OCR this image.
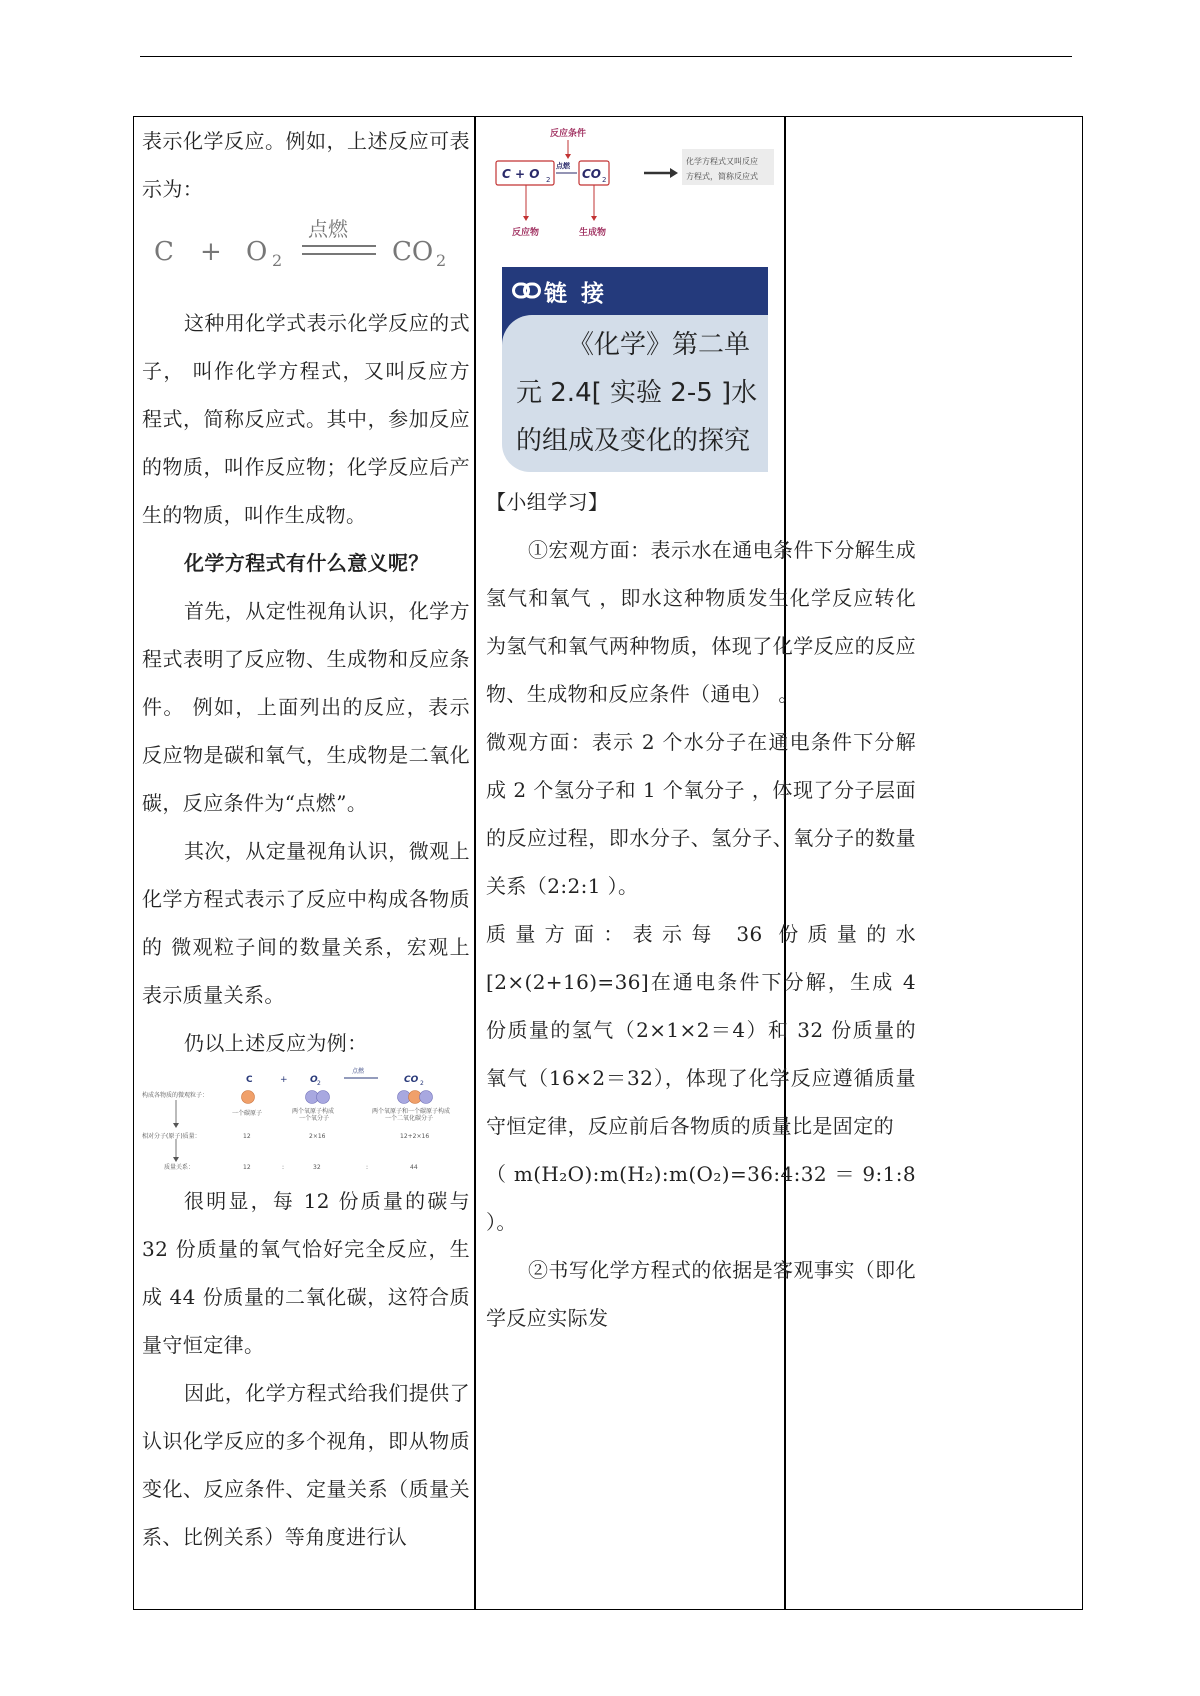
表示化学反应。例如，上述反应可表示为：

C + O 2
点燃
CO 2

这种用化学式表示化学反应的式子， 叫作化学方程式，又叫反应方程式，简称反应式。其中，参加反应的物质，叫作反应物；化学反应后产生的物质，叫作生成物。

化学方程式有什么意义呢？

首先，从定性视角认识，化学方程式表明了反应物、生成物和反应条件。 例如，上面列出的反应，表示反应物是碳和氧气，生成物是二氧化碳，反应条件为“点燃”。

其次，从定量视角认识，微观上化学方程式表示了反应中构成各物质的 微观粒子间的数量关系，宏观上表示质量关系。

仍以上述反应为例：

C	+ O 2
点燃
CO 2
构成各物质的微观粒子：
一个碳原子	两个氧原子构成
一个氧分子
两个氧原子和一个碳原子构成
一个二氧化碳分子
相对分子(原子)质量：	12	2×16	12+2×16
质量关系：	12	:	32	:	44

很明显，每 12 份质量的碳与 32 份质量的氧气恰好完全反应，生成 44 份质量的二氧化碳，这符合质量守恒定律。

因此，化学方程式给我们提供了认识化学反应的多个视角，即从物质变化、反应条件、定量关系（质量关系、比例关系）等角度进行认

反应条件
C + O 2
点燃
CO 2
反应物	生成物
化学方程式又叫反应
方程式，简称反应式
链 接
《化学》第二单元 2.4[ 实验 2-5 ]水的组成及变化的探究

【小组学习】

①宏观方面：表示水在通电条件下分解生成氢气和氧气 ，即水这种物质发生化学反应转化为氢气和氧气两种物质，体现了化学反应的反应物、生成物和反应条件（通电） 。

微观方面：表示 2 个水分子在通电条件下分解成 2 个氢分子和 1 个氧分子 ，体现了分子层面的反应过程，即水分子、氢分子、氧分子的数量关系（2:2:1 ）。

质量方面：表示每 36 份质量的水[2×(2+16)=36]在通电条件下分解，生成 4 份质量的氢气（2×1×2＝4）和 32 份质量的氧气（16×2＝32），体现了化学反应遵循质量守恒定律，反应前后各物质的质量比是固定的

（m(H₂O):m(H₂):m(O₂)=36:4:32＝9:1:8 ）。

②书写化学方程式的依据是客观事实（即化学反应实际发
